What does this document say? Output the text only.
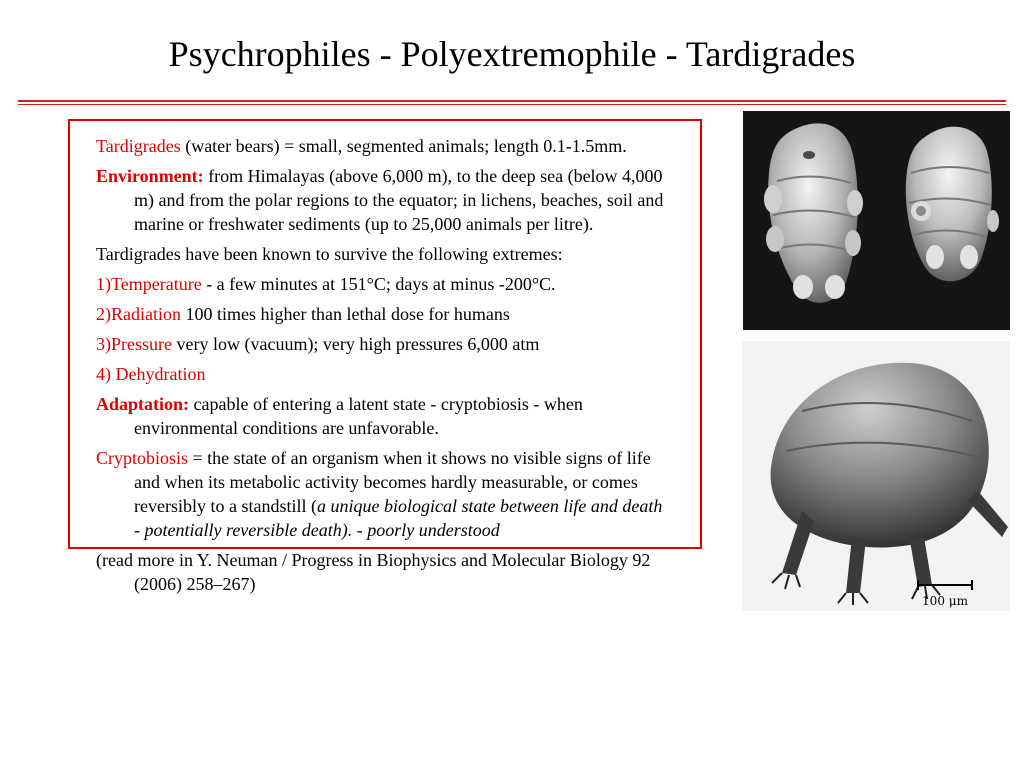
Psychrophiles - Polyextremophile - Tardigrades

Tardigrades (water bears) = small, segmented animals; length 0.1-1.5mm.

Environment: from Himalayas (above 6,000 m), to the deep sea (below 4,000 m) and from the polar regions to the equator; in lichens, beaches, soil and marine or freshwater sediments (up to 25,000 animals per litre).

Tardigrades have been known to survive the following extremes:

1)Temperature - a few minutes at 151°C; days at minus -200°C.

2)Radiation 100 times higher than lethal dose for humans

3)Pressure very low (vacuum); very high pressures 6,000 atm

4) Dehydration

Adaptation: capable of entering a latent state - cryptobiosis - when environmental conditions are unfavorable.

Cryptobiosis = the state of an organism when it shows no visible signs of life and when its metabolic activity becomes hardly measurable, or comes reversibly to a standstill (a unique biological state between life and death - potentially reversible death). - poorly understood

(read more in Y. Neuman / Progress in Biophysics and Molecular Biology 92 (2006) 258–267)

100 μm
